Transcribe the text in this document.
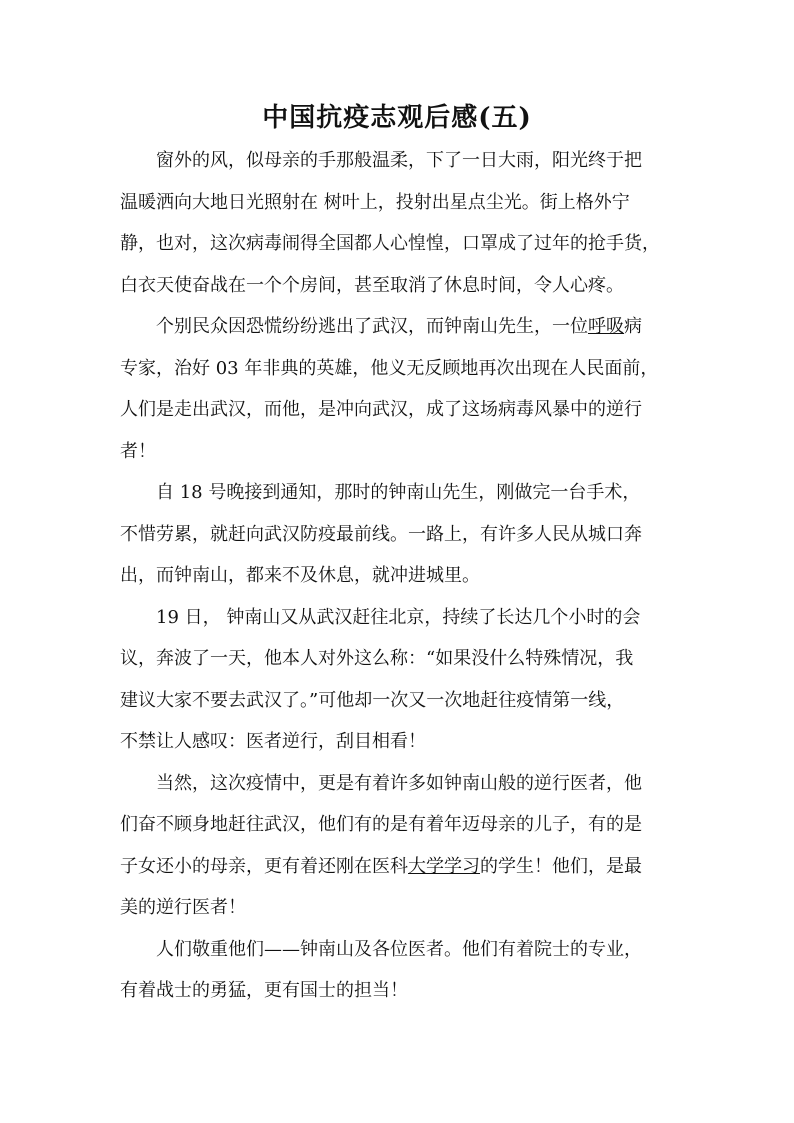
中国抗疫志观后感(五)

窗外的风，似母亲的手那般温柔，下了一日大雨，阳光终于把
温暖洒向大地日光照射在 树叶上，投射出星点尘光。街上格外宁
静，也对，这次病毒闹得全国都人心惶惶，口罩成了过年的抢手货，
白衣天使奋战在一个个房间，甚至取消了休息时间，令人心疼。

个别民众因恐慌纷纷逃出了武汉，而钟南山先生，一位呼吸病
专家，治好 03 年非典的英雄，他义无反顾地再次出现在人民面前，
人们是走出武汉，而他，是冲向武汉，成了这场病毒风暴中的逆行
者！

自 18 号晚接到通知，那时的钟南山先生，刚做完一台手术，
不惜劳累，就赶向武汉防疫最前线。一路上，有许多人民从城口奔
出，而钟南山，都来不及休息，就冲进城里。

19 日， 钟南山又从武汉赶往北京，持续了长达几个小时的会
议，奔波了一天，他本人对外这么称：“如果没什么特殊情况，我
建议大家不要去武汉了。”可他却一次又一次地赶往疫情第一线，
不禁让人感叹：医者逆行，刮目相看！

当然，这次疫情中，更是有着许多如钟南山般的逆行医者，他
们奋不顾身地赶往武汉，他们有的是有着年迈母亲的儿子，有的是
子女还小的母亲，更有着还刚在医科大学学习的学生！他们，是最
美的逆行医者！

人们敬重他们——钟南山及各位医者。他们有着院士的专业，
有着战士的勇猛，更有国士的担当！
